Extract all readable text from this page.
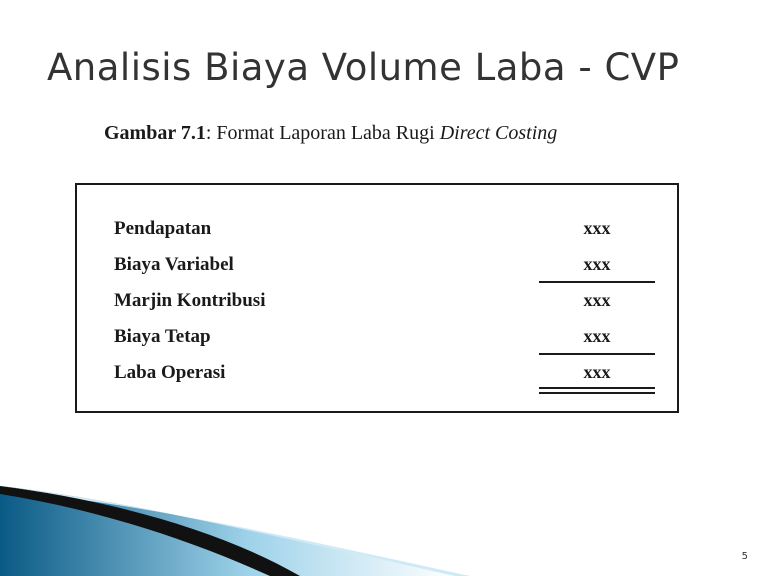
Analisis Biaya Volume Laba - CVP
Gambar 7.1: Format Laporan Laba Rugi Direct Costing
Pendapatan	xxx
Biaya Variabel	xxx
Marjin Kontribusi	xxx
Biaya Tetap	xxx
Laba Operasi	xxx
5
